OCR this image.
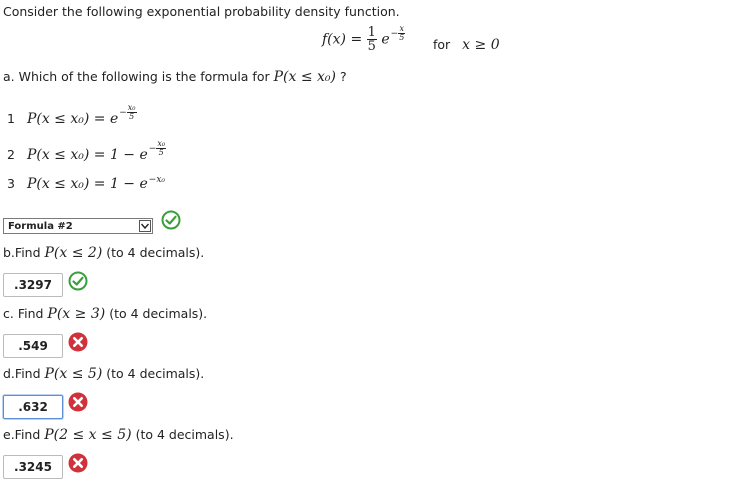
Consider the following exponential probability density function.
$f(x) = \frac{1}{5} e^{- \frac{x}{5}}$
for x ≥ 0
a. Which of the following is the formula for P(x ≤ x₀) ?
1 $P(x \le x_0) = e^{- \frac{\text{x₀}}{5}}$
2 $P(x \le x_0) = 1 - e^{- \frac{\text{x₀}}{5}}$
3 $P(x \le x_0) = 1 - e^{-x_0}$
Formula #2
b.Find P(x ≤ 2) (to 4 decimals).
.3297
c. Find P(x ≥ 3) (to 4 decimals).
.549
d.Find P(x ≤ 5) (to 4 decimals).
.632
e.Find P(2 ≤ x ≤ 5) (to 4 decimals).
.3245
